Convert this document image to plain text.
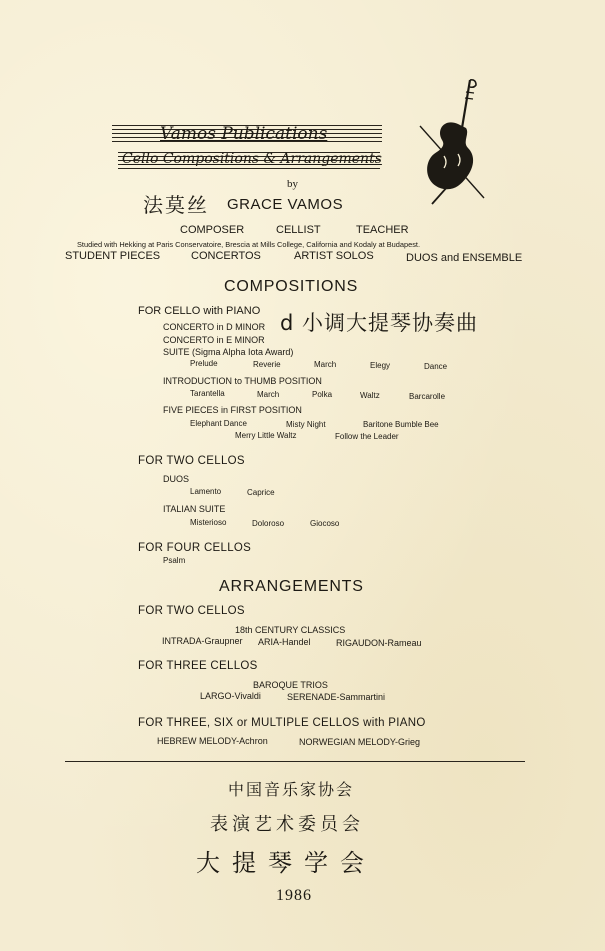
Vamos Publications
Cello Compositions & Arrangements
by
法莫丝 GRACE VAMOS
COMPOSER	CELLIST	TEACHER
Studied with Hekking at Paris Conservatoire, Brescia at Mills College, California and Kodaly at Budapest.
STUDENT PIECES	CONCERTOS	ARTIST SOLOS	DUOS and ENSEMBLE
COMPOSITIONS
FOR CELLO with PIANO d 小调大提琴协奏曲
CONCERTO in D MINOR
CONCERTO in E MINOR
SUITE (Sigma Alpha Iota Award)
Prelude	Reverie	March	Elegy	Dance
INTRODUCTION to THUMB POSITION
Tarantella	March	Polka	Waltz	Barcarolle
FIVE PIECES in FIRST POSITION
Elephant Dance	Misty Night	Baritone Bumble Bee
Merry Little Waltz	Follow the Leader
FOR TWO CELLOS
DUOS
Lamento	Caprice
ITALIAN SUITE
Misterioso	Doloroso	Giocoso
FOR FOUR CELLOS
Psalm
ARRANGEMENTS
FOR TWO CELLOS
18th CENTURY CLASSICS
INTRADA-Graupner ARIA-Handel	RIGAUDON-Rameau
FOR THREE CELLOS
BAROQUE TRIOS
LARGO-Vivaldi	SERENADE-Sammartini
FOR THREE, SIX or MULTIPLE CELLOS with PIANO
HEBREW MELODY-Achron	NORWEGIAN MELODY-Grieg
中国音乐家协会
表演艺术委员会
大提琴学会
1986
